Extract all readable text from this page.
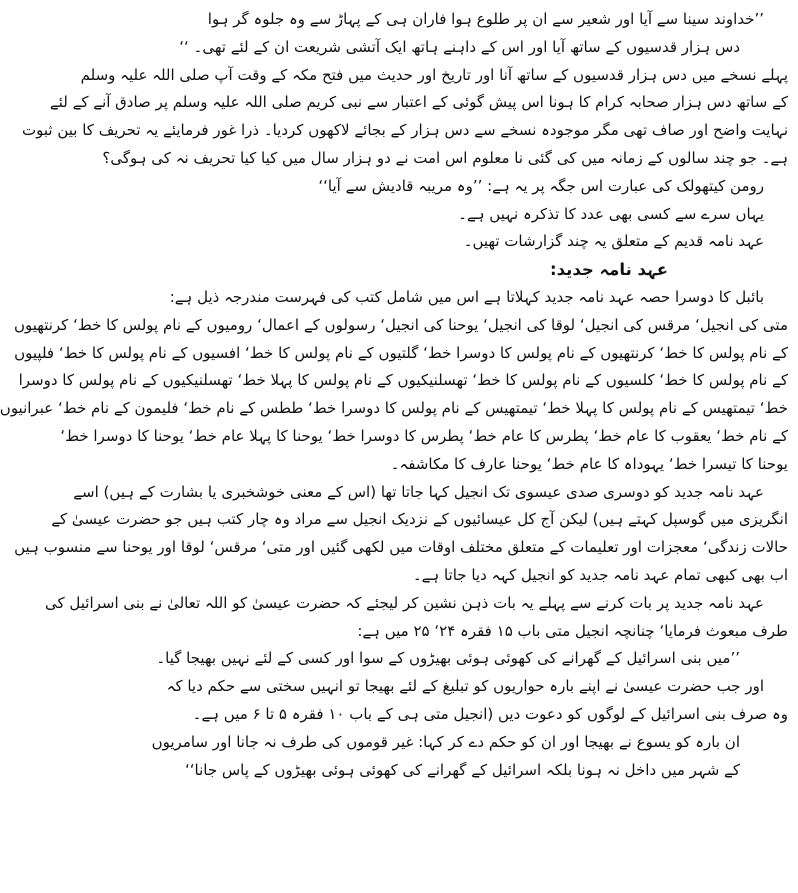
’’خداوند سینا سے آیا اور شعیر سے ان پر طلوع ہوا فاران ہی کے پہاڑ سے وہ جلوہ گر ہوا
دس ہزار قدسیوں کے ساتھ آیا اور اس کے داہنے ہاتھ ایک آتشی شریعت ان کے لئے تھی۔ ‘‘
پہلے نسخے میں دس ہزار قدسیوں کے ساتھ آنا اور تاریخ اور حدیث میں فتح مکہ کے وقت آپ صلی اللہ علیہ وسلم
کے ساتھ دس ہزار صحابہ کرام کا ہونا اس پیش گوئی کے اعتبار سے نبی کریم صلی اللہ علیہ وسلم پر صادق آنے کے لئے
نہایت واضح اور صاف تھی مگر موجودہ نسخے سے دس ہزار کے بجائے لاکھوں کردیا۔ ذرا غور فرمایئے یہ تحریف کا بین ثبوت
ہے۔ جو چند سالوں کے زمانہ میں کی گئی نا معلوم اس امت نے دو ہزار سال میں کیا کیا تحریف نہ کی ہوگی؟
رومن کیتھولک کی عبارت اس جگہ پر یہ ہے: ’’وہ مریبہ قادیش سے آیا‘‘
یہاں سرے سے کسی بھی عدد کا تذکرہ نہیں ہے۔
عہد نامہ قدیم کے متعلق یہ چند گزارشات تھیں۔
عہد نامہ جدید:
بائبل کا دوسرا حصہ عہد نامہ جدید کہلاتا ہے اس میں شامل کتب کی فہرست مندرجہ ذیل ہے:
متی کی انجیل‘ مرقس کی انجیل‘ لوقا کی انجیل‘ یوحنا کی انجیل‘ رسولوں کے اعمال‘ رومیوں کے نام پولس کا خط‘ کرنتھیوں
کے نام پولس کا خط‘ کرنتھیوں کے نام پولس کا دوسرا خط‘ گلتیوں کے نام پولس کا خط‘ افسیوں کے نام پولس کا خط‘ فلپیوں
کے نام پولس کا خط‘ کلسیوں کے نام پولس کا خط‘ تھسلنیکیوں کے نام پولس کا پہلا خط‘ تھسلنیکیوں کے نام پولس کا دوسرا
خط‘ تیمتھیس کے نام پولس کا پہلا خط‘ تیمتھیس کے نام پولس کا دوسرا خط‘ ططس کے نام خط‘ فلیمون کے نام خط‘ عبرانیوں
کے نام خط‘ یعقوب کا عام خط‘ پطرس کا عام خط‘ پطرس کا دوسرا خط‘ یوحنا کا پہلا عام خط‘ یوحنا کا دوسرا خط‘
یوحنا کا تیسرا خط‘ یہوداہ کا عام خط‘ یوحنا عارف کا مکاشفہ۔
عہد نامہ جدید کو دوسری صدی عیسوی تک انجیل کہا جاتا تھا (اس کے معنی خوشخبری یا بشارت کے ہیں) اسے
انگریزی میں گوسپل کہتے ہیں) لیکن آج کل عیسائیوں کے نزدیک انجیل سے مراد وہ چار کتب ہیں جو حضرت عیسیٰ کے
حالات زندگی‘ معجزات اور تعلیمات کے متعلق مختلف اوقات میں لکھی گئیں اور متی‘ مرقس‘ لوقا اور یوحنا سے منسوب ہیں
اب بھی کبھی تمام عہد نامہ جدید کو انجیل کہہ دیا جاتا ہے۔
عہد نامہ جدید پر بات کرنے سے پہلے یہ بات ذہن نشین کر لیجئے کہ حضرت عیسیٰ کو اللہ تعالیٰ نے بنی اسرائیل کی
طرف مبعوث فرمایا‘ چنانچہ انجیل متی باب ۱۵ فقرہ ۲۴‘ ۲۵ میں ہے:
’’میں بنی اسرائیل کے گھرانے کی کھوئی ہوئی بھیڑوں کے سوا اور کسی کے لئے نہیں بھیجا گیا۔
اور جب حضرت عیسیٰ نے اپنے بارہ حواریوں کو تبلیغ کے لئے بھیجا تو انہیں سختی سے حکم دیا کہ
وہ صرف بنی اسرائیل کے لوگوں کو دعوت دیں (انجیل متی ہی کے باب ۱۰ فقرہ ۵ تا ۶ میں ہے۔
ان بارہ کو یسوع نے بھیجا اور ان کو حکم دے کر کہا: غیر قوموں کی طرف نہ جانا اور سامریوں
کے شہر میں داخل نہ ہونا بلکہ اسرائیل کے گھرانے کی کھوئی ہوئی بھیڑوں کے پاس جانا‘‘
